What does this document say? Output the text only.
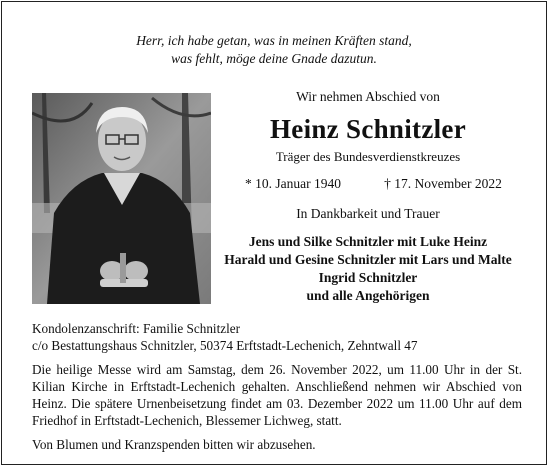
Herr, ich habe getan, was in meinen Kräften stand,
was fehlt, möge deine Gnade dazutun.
Wir nehmen Abschied von
Heinz Schnitzler
Träger des Bundesverdienstkreuzes
* 10. Januar 1940	† 17. November 2022
In Dankbarkeit und Trauer
Jens und Silke Schnitzler mit Luke Heinz
Harald und Gesine Schnitzler mit Lars und Malte
Ingrid Schnitzler
und alle Angehörigen
Kondolenzanschrift: Familie Schnitzler
c/o Bestattungshaus Schnitzler, 50374 Erftstadt-Lechenich, Zehntwall 47
Die heilige Messe wird am Samstag, dem 26. November 2022, um 11.00 Uhr in der St. Kilian Kirche in Erftstadt-Lechenich gehalten. Anschließend nehmen wir Abschied von Heinz. Die spätere Urnenbeisetzung findet am 03. Dezember 2022 um 11.00 Uhr auf dem Friedhof in Erftstadt-Lechenich, Blessemer Lichweg, statt.
Von Blumen und Kranzspenden bitten wir abzusehen.
